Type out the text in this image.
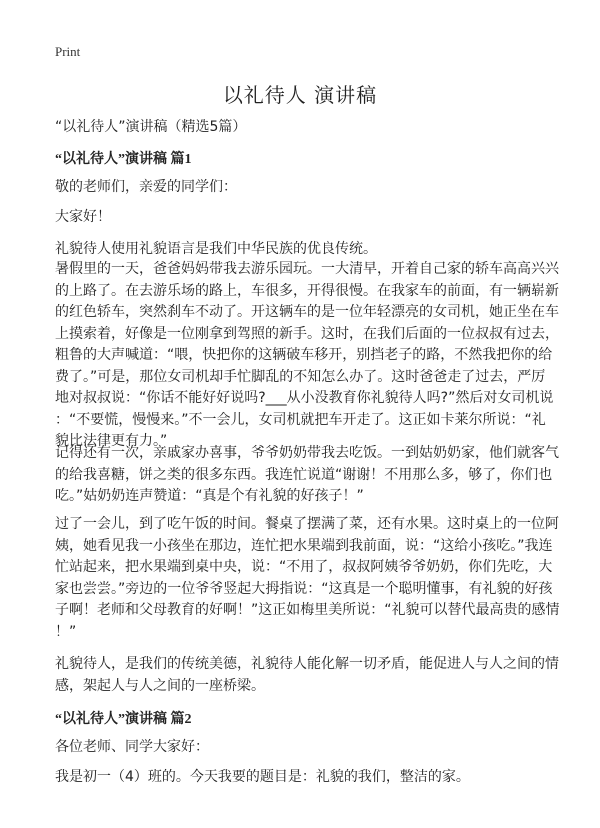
Print
以礼待人 演讲稿
“以礼待人”演讲稿（精选5篇）
“以礼待人”演讲稿 篇1
敬的老师们，亲爱的同学们：
大家好！
礼貌待人使用礼貌语言是我们中华民族的优良传统。
暑假里的一天，爸爸妈妈带我去游乐园玩。一大清早，开着自己家的轿车高高兴兴
的上路了。在去游乐场的路上，车很多，开得很慢。在我家车的前面，有一辆崭新
的红色轿车，突然刹车不动了。开这辆车的是一位年轻漂亮的女司机，她正坐在车
上摸索着，好像是一位刚拿到驾照的新手。这时，在我们后面的一位叔叔有过去，
粗鲁的大声喊道：“喂，快把你的这辆破车移开，别挡老子的路，不然我把你的给
费了。”可是，那位女司机却手忙脚乱的不知怎么办了。这时爸爸走了过去，严厉
地对叔叔说：“你话不能好好说吗?___从小没教育你礼貌待人吗?”然后对女司机说
：“不要慌，慢慢来。”不一会儿，女司机就把车开走了。这正如卡莱尔所说：“礼
貌比法律更有力。”
记得还有一次，亲戚家办喜事，爷爷奶奶带我去吃饭。一到姑奶奶家，他们就客气
的给我喜糖，饼之类的很多东西。我连忙说道“谢谢！不用那么多，够了，你们也
吃。”姑奶奶连声赞道：“真是个有礼貌的好孩子！”
过了一会儿，到了吃午饭的时间。餐桌了摆满了菜，还有水果。这时桌上的一位阿
姨，她看见我一小孩坐在那边，连忙把水果端到我前面，说：“这给小孩吃。”我连
忙站起来，把水果端到桌中央，说：“不用了，叔叔阿姨爷爷奶奶，你们先吃，大
家也尝尝。”旁边的一位爷爷竖起大拇指说：“这真是一个聪明懂事，有礼貌的好孩
子啊！老师和父母教育的好啊！”这正如梅里美所说：“礼貌可以替代最高贵的感情
！”
礼貌待人，是我们的传统美德，礼貌待人能化解一切矛盾，能促进人与人之间的情
感，架起人与人之间的一座桥梁。
“以礼待人”演讲稿 篇2
各位老师、同学大家好：
我是初一（4）班的。今天我要的题目是：礼貌的我们，整洁的家。
